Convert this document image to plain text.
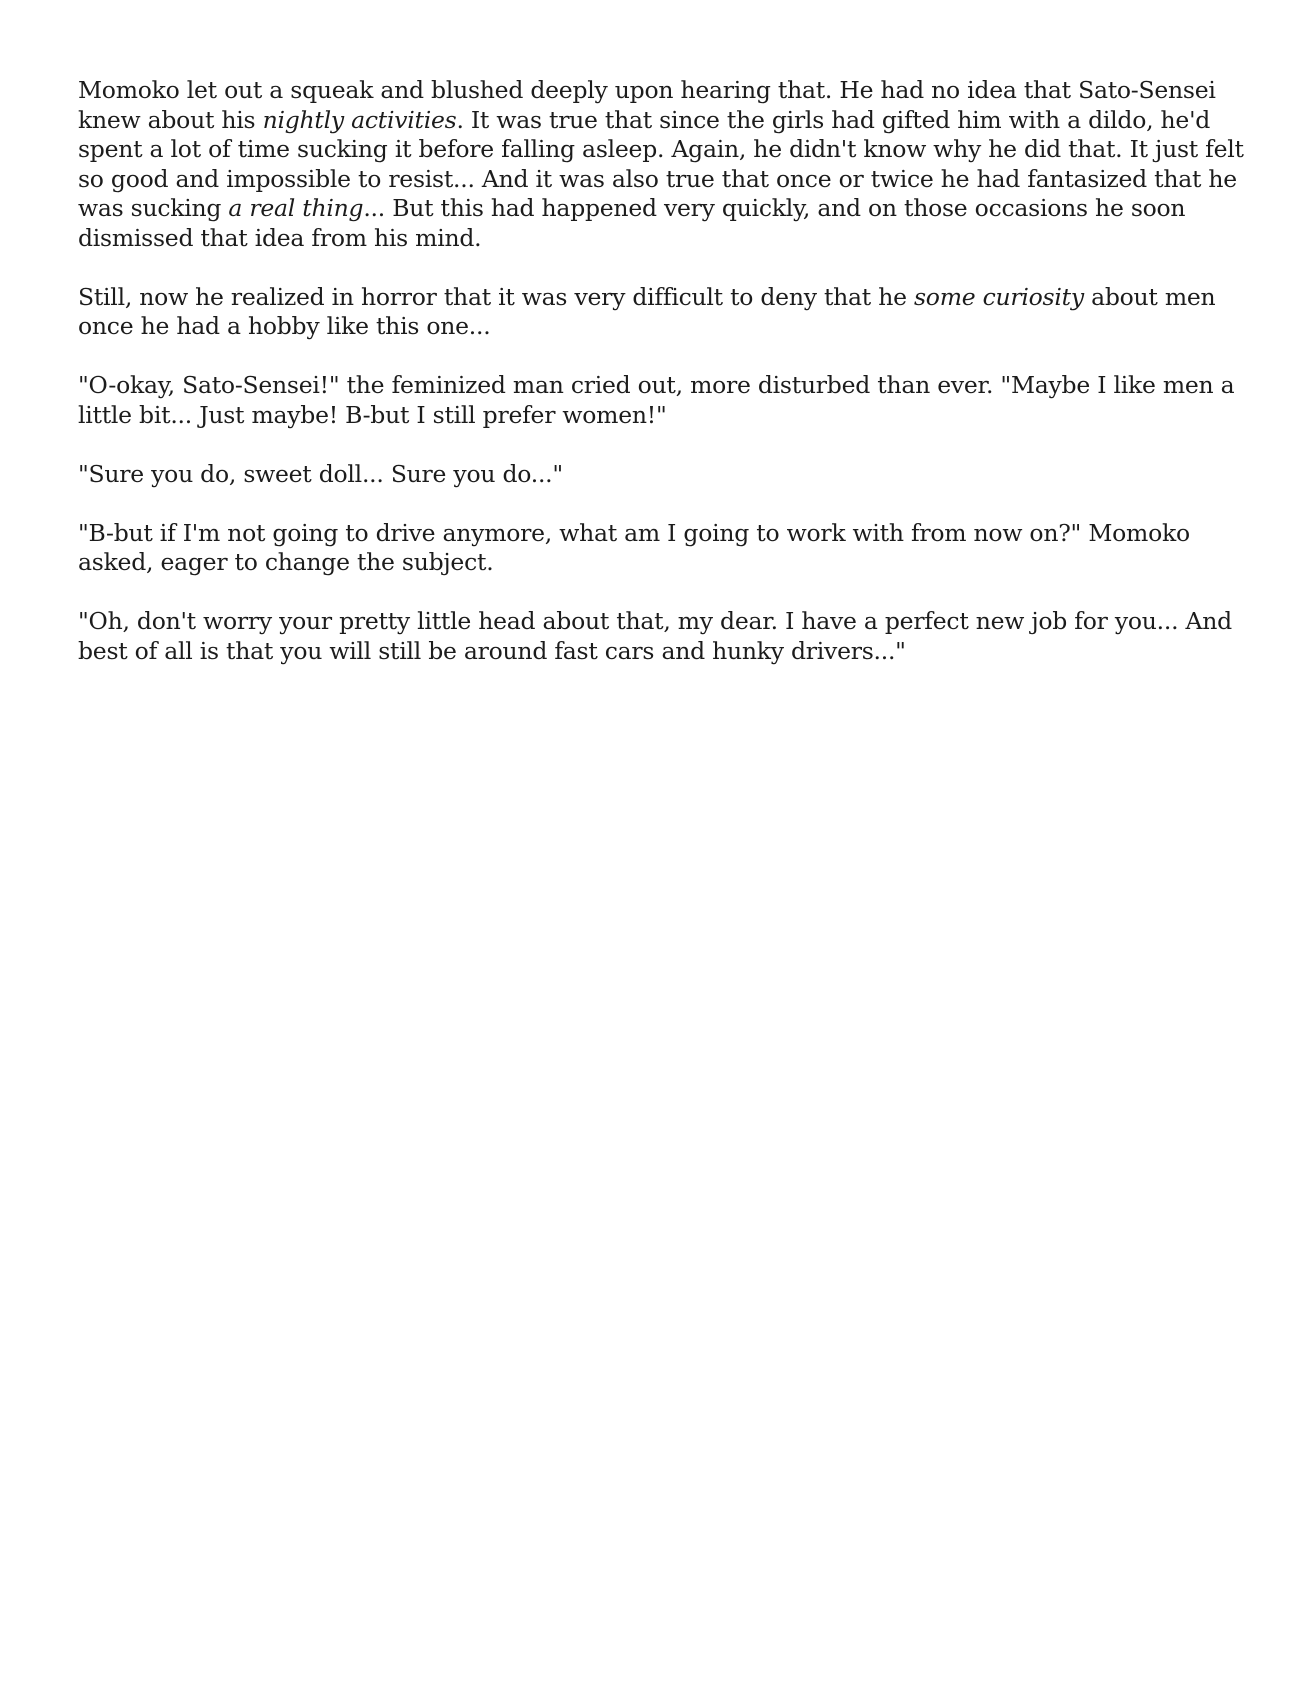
Momoko let out a squeak and blushed deeply upon hearing that. He had no idea that Sato-Sensei knew about his nightly activities. It was true that since the girls had gifted him with a dildo, he'd spent a lot of time sucking it before falling asleep. Again, he didn't know why he did that. It just felt so good and impossible to resist... And it was also true that once or twice he had fantasized that he was sucking a real thing... But this had happened very quickly, and on those occasions he soon dismissed that idea from his mind.

Still, now he realized in horror that it was very difficult to deny that he some curiosity about men once he had a hobby like this one...

"O-okay, Sato-Sensei!" the feminized man cried out, more disturbed than ever. "Maybe I like men a little bit... Just maybe! B-but I still prefer women!"

"Sure you do, sweet doll... Sure you do..."

"B-but if I'm not going to drive anymore, what am I going to work with from now on?" Momoko asked, eager to change the subject.

"Oh, don't worry your pretty little head about that, my dear. I have a perfect new job for you... And best of all is that you will still be around fast cars and hunky drivers..."
